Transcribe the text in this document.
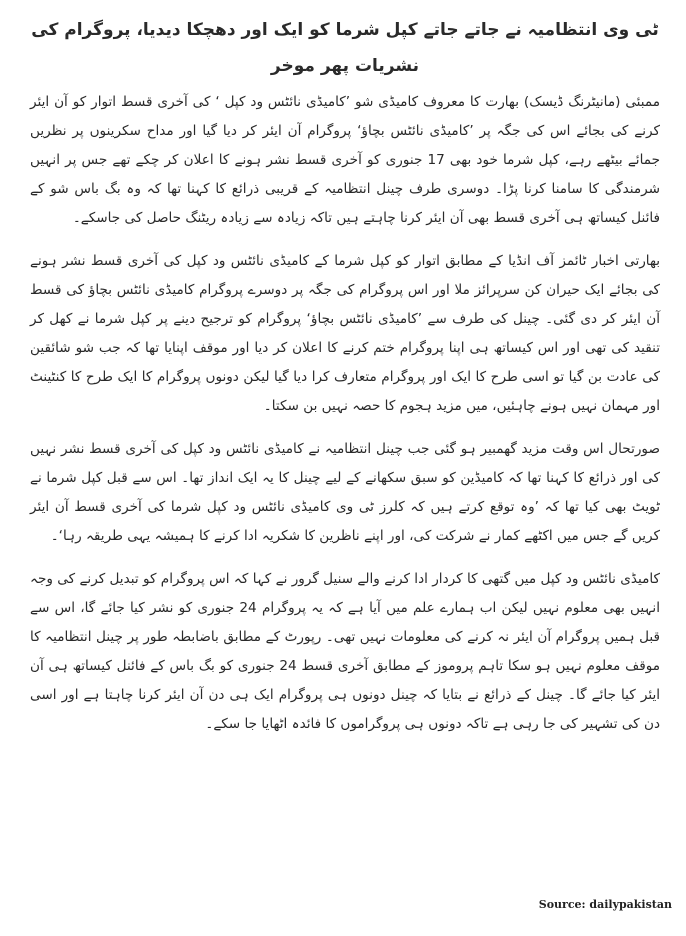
ٹی وی انتظامیہ نے جاتے جاتے کپل شرما کو ایک اور دھچکا دیدیا، پروگرام کی نشریات پھر موخر

ممبئی (مانیٹرنگ ڈیسک) بھارت کا معروف کامیڈی شو ’کامیڈی نائٹس ود کپل ‘ کی آخری قسط اتوار کو آن ایئر کرنے کی بجائے اس کی جگہ پر ’کامیڈی نائٹس بچاؤ‘ پروگرام آن ایئر کر دیا گیا اور مداح سکرینوں پر نظریں جمائے بیٹھے رہے، کپل شرما خود بھی 17 جنوری کو آخری قسط نشر ہونے کا اعلان کر چکے تھے جس پر انہیں شرمندگی کا سامنا کرنا پڑا۔ دوسری طرف چینل انتظامیہ کے قریبی ذرائع کا کہنا تھا کہ وہ بگ باس شو کے فائنل کیساتھ ہی آخری قسط بھی آن ایئر کرنا چاہتے ہیں تاکہ زیادہ سے زیادہ ریٹنگ حاصل کی جاسکے۔

بھارتی اخبار ٹائمز آف انڈیا کے مطابق اتوار کو کپل شرما کے کامیڈی نائٹس ود کپل کی آخری قسط نشر ہونے کی بجائے ایک حیران کن سرپرائز ملا اور اس پروگرام کی جگہ پر دوسرے پروگرام کامیڈی نائٹس بچاؤ کی قسط آن ایئر کر دی گئی۔ چینل کی طرف سے ’کامیڈی نائٹس بچاؤ‘ پروگرام کو ترجیح دینے پر کپل شرما نے کھل کر تنقید کی تھی اور اس کیساتھ ہی اپنا پروگرام ختم کرنے کا اعلان کر دیا اور موقف اپنایا تھا کہ جب شو شائقین کی عادت بن گیا تو اسی طرح کا ایک اور پروگرام متعارف کرا دیا گیا لیکن دونوں پروگرام کا ایک طرح کا کنٹینٹ اور مہمان نہیں ہونے چاہئیں، میں مزید ہجوم کا حصہ نہیں بن سکتا۔

صورتحال اس وقت مزید گھمبیر ہو گئی جب چینل انتظامیہ نے کامیڈی نائٹس ود کپل کی آخری قسط نشر نہیں کی اور ذرائع کا کہنا تھا کہ کامیڈین کو سبق سکھانے کے لیے چینل کا یہ ایک انداز تھا۔ اس سے قبل کپل شرما نے ٹویٹ بھی کیا تھا کہ ’وہ توقع کرتے ہیں کہ کلرز ٹی وی کامیڈی نائٹس ود کپل شرما کی آخری قسط آن ایئر کریں گے جس میں اکٹھے کمار نے شرکت کی، اور اپنے ناظرین کا شکریہ ادا کرنے کا ہمیشہ یہی طریقہ رہا‘۔

کامیڈی نائٹس ود کپل میں گتھی کا کردار ادا کرنے والے سنیل گرور نے کہا کہ اس پروگرام کو تبدیل کرنے کی وجہ انہیں بھی معلوم نہیں لیکن اب ہمارے علم میں آیا ہے کہ یہ پروگرام 24 جنوری کو نشر کیا جائے گا، اس سے قبل ہمیں پروگرام آن ایئر نہ کرنے کی معلومات نہیں تھی۔ رپورٹ کے مطابق باضابطہ طور پر چینل انتظامیہ کا موقف معلوم نہیں ہو سکا تاہم پروموز کے مطابق آخری قسط 24 جنوری کو بگ باس کے فائنل کیساتھ ہی آن ایئر کیا جائے گا۔ چینل کے ذرائع نے بتایا کہ چینل دونوں ہی پروگرام ایک ہی دن آن ایئر کرنا چاہتا ہے اور اسی دن کی تشہیر کی جا رہی ہے تاکہ دونوں ہی پروگراموں کا فائدہ اٹھایا جا سکے۔

Source: dailypakistan
